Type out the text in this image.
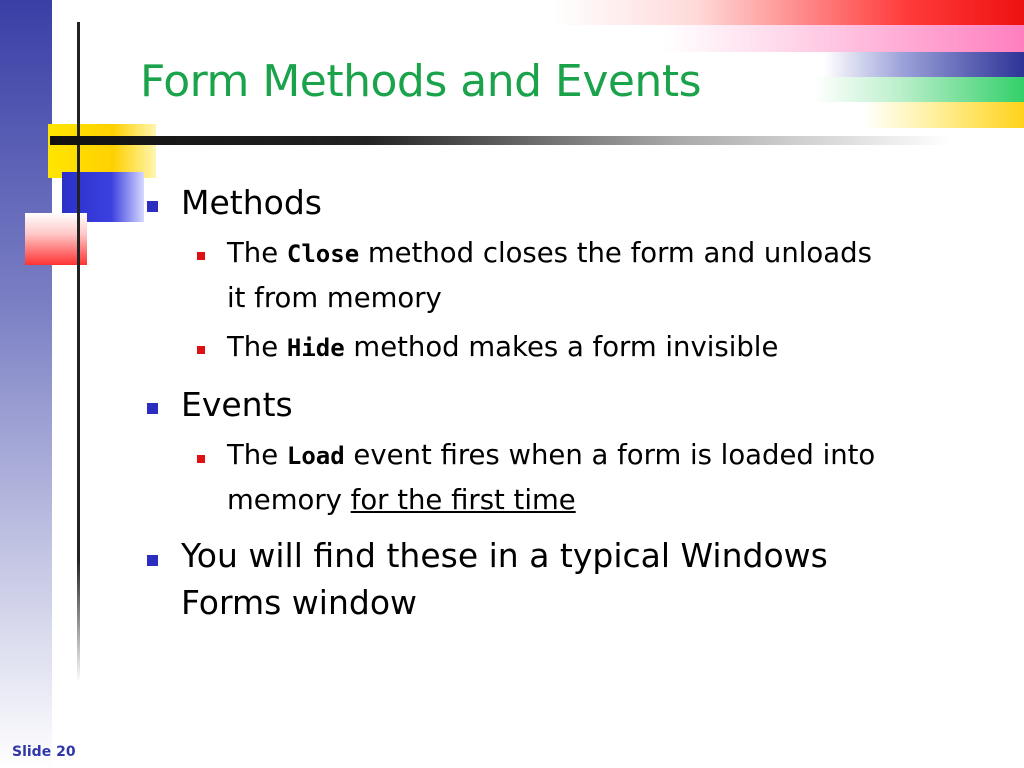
Form Methods and Events
Methods
The Close method closes the form and unloads
it from memory
The Hide method makes a form invisible
Events
The Load event fires when a form is loaded into
memory for the first time
You will find these in a typical Windows
Forms window
Slide 20
